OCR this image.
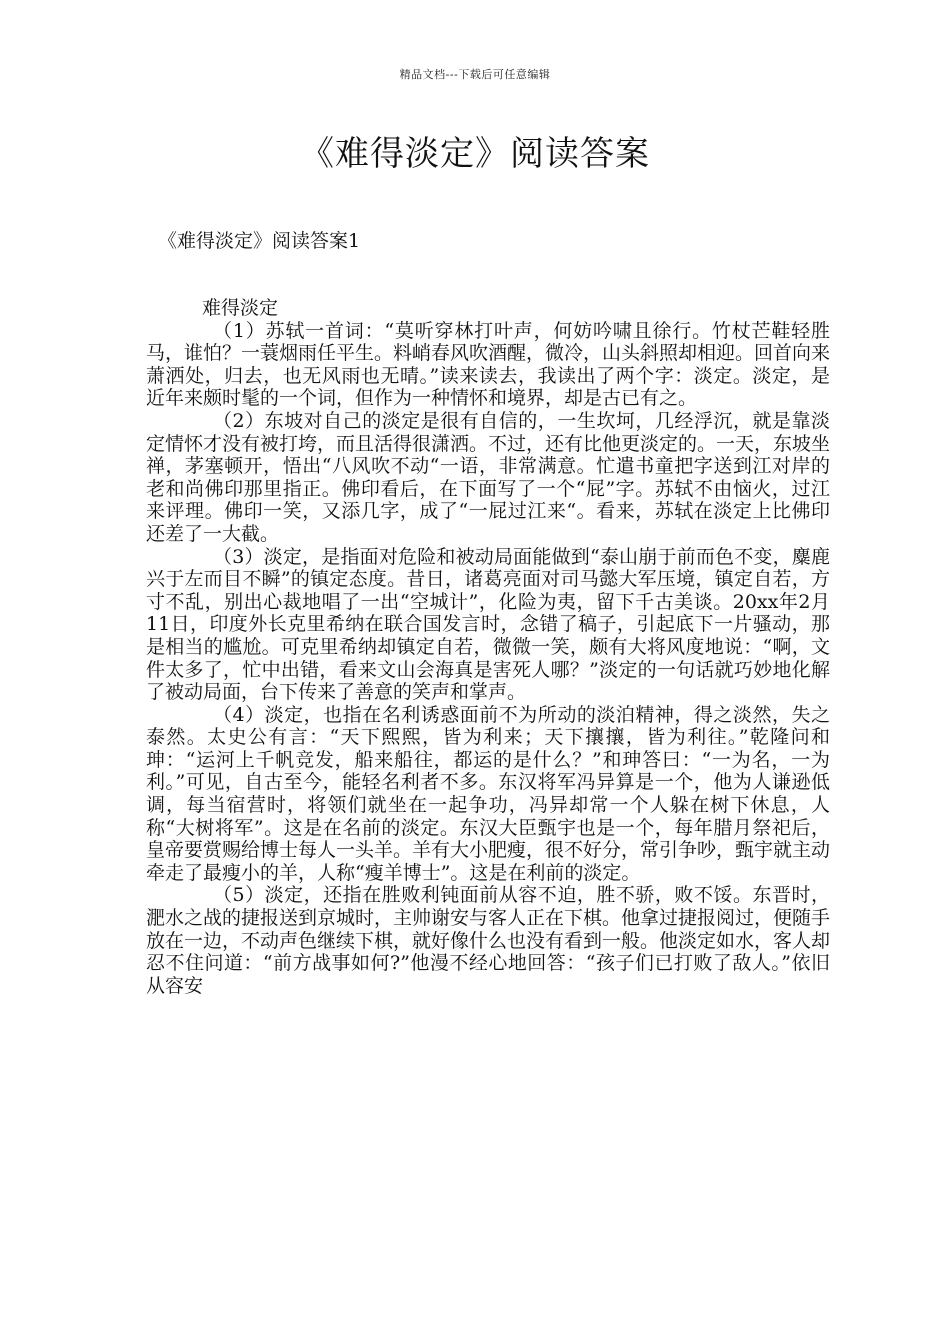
精品文档---下载后可任意编辑
《难得淡定》阅读答案
《难得淡定》阅读答案1

难得淡定

（1）苏轼一首词：“莫听穿林打叶声，何妨吟啸且徐行。竹杖芒鞋轻胜马，谁怕？一蓑烟雨任平生。料峭春风吹酒醒，微冷，山头斜照却相迎。回首向来萧洒处，归去，也无风雨也无晴。”读来读去，我读出了两个字：淡定。淡定，是近年来颇时髦的一个词，但作为一种情怀和境界，却是古已有之。

（2）东坡对自己的淡定是很有自信的，一生坎坷，几经浮沉，就是靠淡定情怀才没有被打垮，而且活得很潇洒。不过，还有比他更淡定的。一天，东坡坐禅，茅塞顿开，悟出“八风吹不动“一语，非常满意。忙遣书童把字送到江对岸的老和尚佛印那里指正。佛印看后，在下面写了一个“屁”字。苏轼不由恼火，过江来评理。佛印一笑，又添几字，成了“一屁过江来“。看来，苏轼在淡定上比佛印还差了一大截。

（3）淡定，是指面对危险和被动局面能做到“泰山崩于前而色不变，麋鹿兴于左而目不瞬”的镇定态度。昔日，诸葛亮面对司马懿大军压境，镇定自若，方寸不乱，别出心裁地唱了一出“空城计”，化险为夷，留下千古美谈。20xx年2月11日，印度外长克里希纳在联合国发言时，念错了稿子，引起底下一片骚动，那是相当的尴尬。可克里希纳却镇定自若，微微一笑，颇有大将风度地说：“啊，文件太多了，忙中出错，看来文山会海真是害死人哪？”淡定的一句话就巧妙地化解了被动局面，台下传来了善意的笑声和掌声。

（4）淡定，也指在名利诱惑面前不为所动的淡泊精神，得之淡然，失之泰然。太史公有言：“天下熙熙，皆为利来；天下攘攘，皆为利往。”乾隆问和珅：“运河上千帆竞发，船来船往，都运的是什么？”和珅答曰：“一为名，一为利。”可见，自古至今，能轻名利者不多。东汉将军冯异算是一个，他为人谦逊低调，每当宿营时，将领们就坐在一起争功，冯异却常一个人躲在树下休息，人称“大树将军”。这是在名前的淡定。东汉大臣甄宇也是一个，每年腊月祭祀后，皇帝要赏赐给博士每人一头羊。羊有大小肥瘦，很不好分，常引争吵，甄宇就主动牵走了最瘦小的羊，人称“瘦羊博士”。这是在利前的淡定。

（5）淡定，还指在胜败利钝面前从容不迫，胜不骄，败不馁。东晋时，淝水之战的捷报送到京城时，主帅谢安与客人正在下棋。他拿过捷报阅过，便随手放在一边，不动声色继续下棋，就好像什么也没有看到一般。他淡定如水，客人却忍不住问道：“前方战事如何?”他漫不经心地回答：“孩子们已打败了敌人。”依旧从容安
